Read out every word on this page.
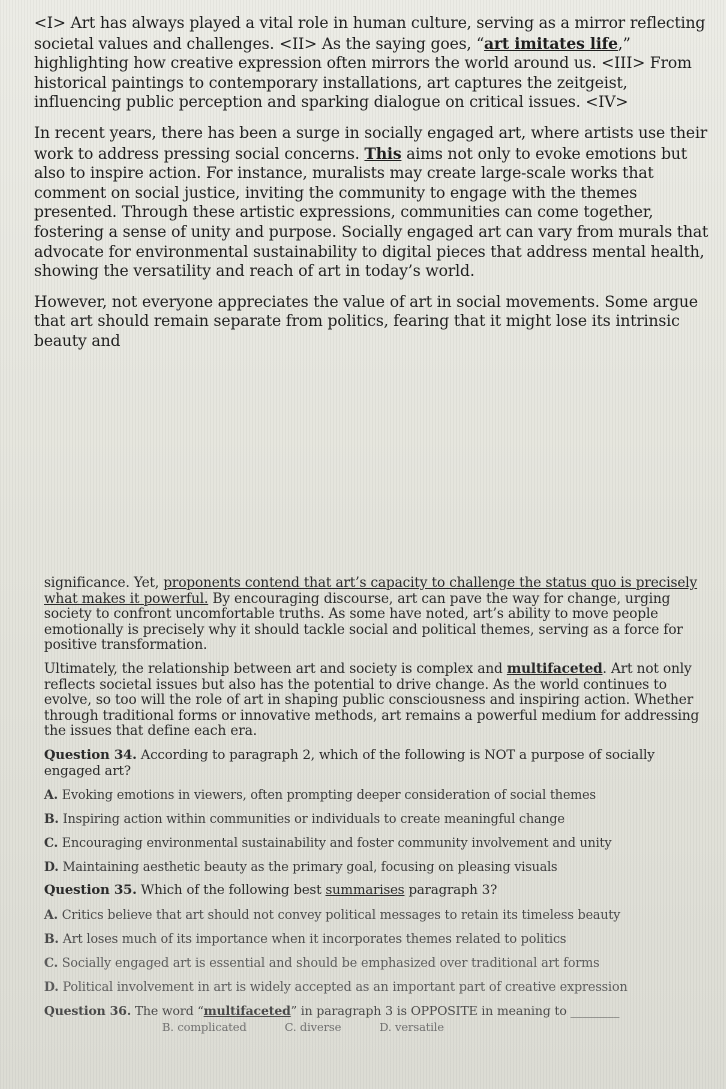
<I> Art has always played a vital role in human culture, serving as a mirror reflecting societal values and challenges. <II> As the saying goes, “art imitates life,” highlighting how creative expression often mirrors the world around us. <III> From historical paintings to contemporary installations, art captures the zeitgeist, influencing public perception and sparking dialogue on critical issues. <IV>

In recent years, there has been a surge in socially engaged art, where artists use their work to address pressing social concerns. This aims not only to evoke emotions but also to inspire action. For instance, muralists may create large-scale works that comment on social justice, inviting the community to engage with the themes presented. Through these artistic expressions, communities can come together, fostering a sense of unity and purpose. Socially engaged art can vary from murals that advocate for environmental sustainability to digital pieces that address mental health, showing the versatility and reach of art in today’s world.

However, not everyone appreciates the value of art in social movements. Some argue that art should remain separate from politics, fearing that it might lose its intrinsic beauty and

significance. Yet, proponents contend that art’s capacity to challenge the status quo is precisely what makes it powerful. By encouraging discourse, art can pave the way for change, urging society to confront uncomfortable truths. As some have noted, art’s ability to move people emotionally is precisely why it should tackle social and political themes, serving as a force for positive transformation.

Ultimately, the relationship between art and society is complex and multifaceted. Art not only reflects societal issues but also has the potential to drive change. As the world continues to evolve, so too will the role of art in shaping public consciousness and inspiring action. Whether through traditional forms or innovative methods, art remains a powerful medium for addressing the issues that define each era.

Question 34. According to paragraph 2, which of the following is NOT a purpose of socially engaged art?

A. Evoking emotions in viewers, often prompting deeper consideration of social themes
B. Inspiring action within communities or individuals to create meaningful change
C. Encouraging environmental sustainability and foster community involvement and unity
D. Maintaining aesthetic beauty as the primary goal, focusing on pleasing visuals

Question 35. Which of the following best summarises paragraph 3?

A. Critics believe that art should not convey political messages to retain its timeless beauty
B. Art loses much of its importance when it incorporates themes related to politics
C. Socially engaged art is essential and should be emphasized over traditional art forms
D. Political involvement in art is widely accepted as an important part of creative expression

Question 36. The word “multifaceted” in paragraph 3 is OPPOSITE in meaning to ________

B. complicated	C. diverse	D. versatile
